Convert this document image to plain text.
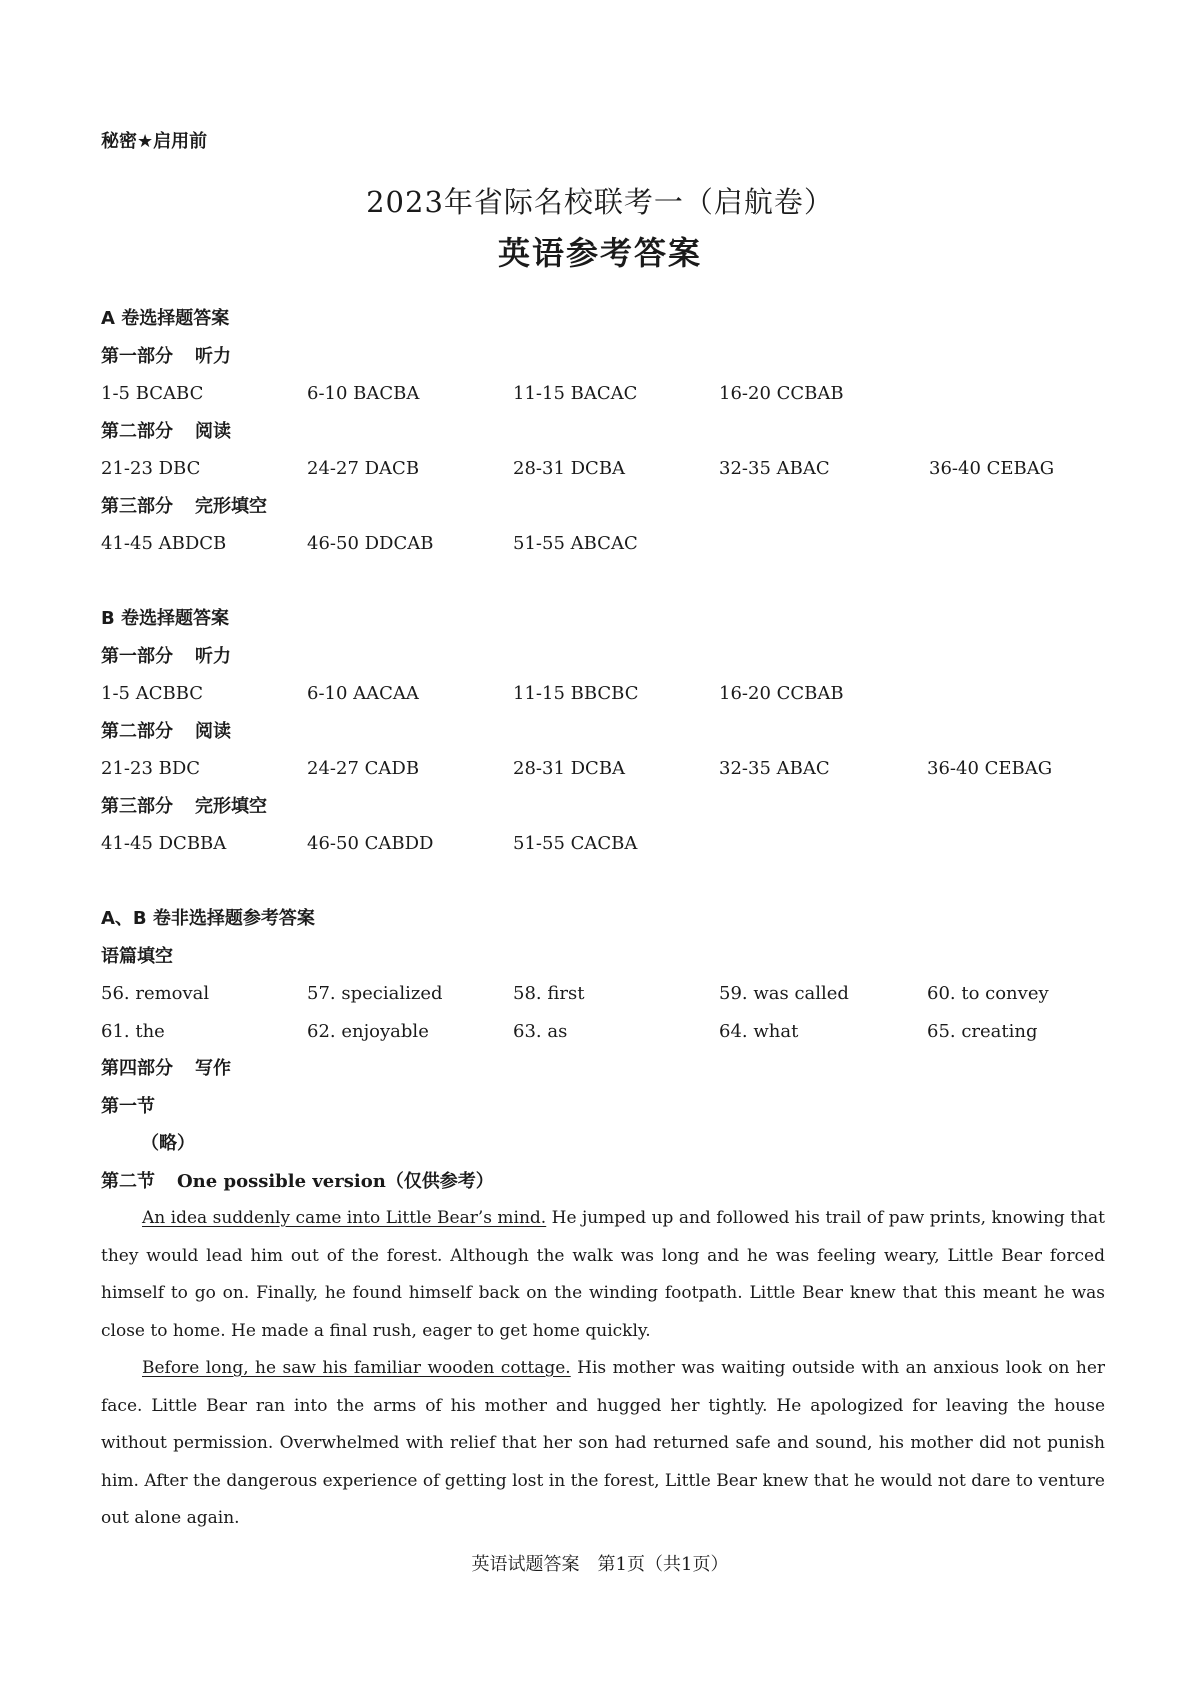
秘密★启用前
2023年省际名校联考一（启航卷）
英语参考答案
A 卷选择题答案
第一部分 听力
1-5 BCABC	6-10 BACBA	11-15 BACAC	16-20 CCBAB
第二部分 阅读
21-23 DBC	24-27 DACB	28-31 DCBA	32-35 ABAC	36-40 CEBAG
第三部分 完形填空
41-45 ABDCB	46-50 DDCAB	51-55 ABCAC
B 卷选择题答案
第一部分 听力
1-5 ACBBC	6-10 AACAA	11-15 BBCBC	16-20 CCBAB
第二部分 阅读
21-23 BDC	24-27 CADB	28-31 DCBA	32-35 ABAC	36-40 CEBAG
第三部分 完形填空
41-45 DCBBA	46-50 CABDD	51-55 CACBA
A、B 卷非选择题参考答案
语篇填空
56. removal	57. specialized	58. first	59. was called	60. to convey
61. the	62. enjoyable	63. as	64. what	65. creating
第四部分 写作
第一节
（略）
第二节 One possible version（仅供参考）

An idea suddenly came into Little Bear’s mind. He jumped up and followed his trail of paw prints, knowing that they would lead him out of the forest. Although the walk was long and he was feeling weary, Little Bear forced himself to go on. Finally, he found himself back on the winding footpath. Little Bear knew that this meant he was close to home. He made a final rush, eager to get home quickly.

Before long, he saw his familiar wooden cottage. His mother was waiting outside with an anxious look on her face. Little Bear ran into the arms of his mother and hugged her tightly. He apologized for leaving the house without permission. Overwhelmed with relief that her son had returned safe and sound, his mother did not punish him. After the dangerous experience of getting lost in the forest, Little Bear knew that he would not dare to venture out alone again.

英语试题答案　第1页（共1页）
